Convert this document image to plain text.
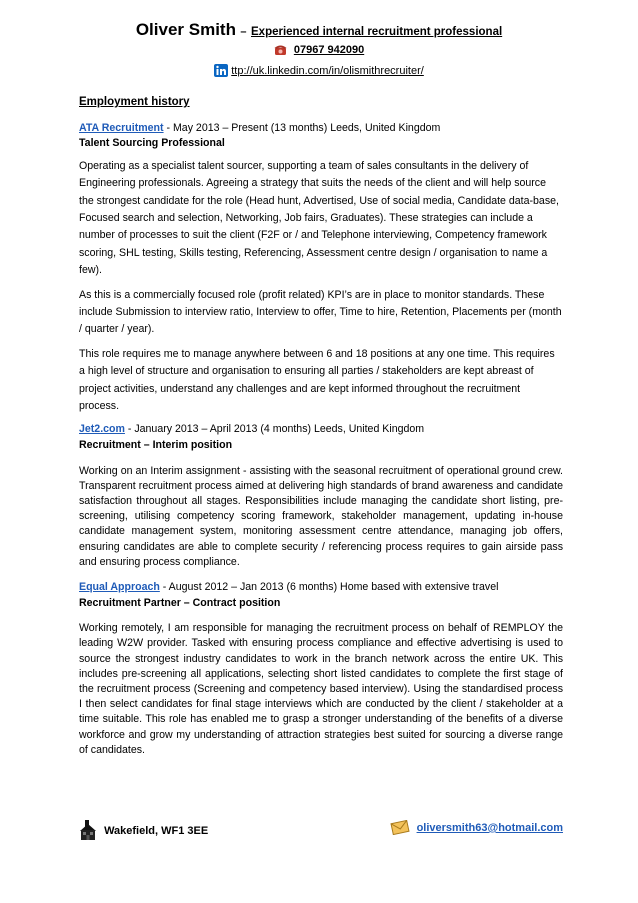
Oliver Smith – Experienced internal recruitment professional
07967 942090
ttp://uk.linkedin.com/in/olismithrecruiter/
Employment history

ATA Recruitment - May 2013 – Present (13 months) Leeds, United Kingdom

Talent Sourcing Professional

Operating as a specialist talent sourcer, supporting a team of sales consultants in the delivery of Engineering professionals. Agreeing a strategy that suits the needs of the client and will help source the strongest candidate for the role (Head hunt, Advertised, Use of social media, Candidate data-base, Focused search and selection, Networking, Job fairs, Graduates). These strategies can include a number of processes to suit the client (F2F or / and Telephone interviewing, Competency framework scoring, SHL testing, Skills testing, Referencing, Assessment centre design / organisation to name a few).

As this is a commercially focused role (profit related) KPI’s are in place to monitor standards. These include Submission to interview ratio, Interview to offer, Time to hire, Retention, Placements per (month / quarter / year).

This role requires me to manage anywhere between 6 and 18 positions at any one time. This requires a high level of structure and organisation to ensuring all parties / stakeholders are kept abreast of project activities, understand any challenges and are kept informed throughout the recruitment process.

Jet2.com - January 2013 – April 2013 (4 months) Leeds, United Kingdom

Recruitment – Interim position

Working on an Interim assignment - assisting with the seasonal recruitment of operational ground crew. Transparent recruitment process aimed at delivering high standards of brand awareness and candidate satisfaction throughout all stages. Responsibilities include managing the candidate short listing, pre-screening, utilising competency scoring framework, stakeholder management, updating in-house candidate management system, monitoring assessment centre attendance, managing job offers, ensuring candidates are able to complete security / referencing process requires to gain airside pass and ensuring process compliance.

Equal Approach - August 2012 – Jan 2013 (6 months) Home based with extensive travel

Recruitment Partner – Contract position

Working remotely, I am responsible for managing the recruitment process on behalf of REMPLOY the leading W2W provider. Tasked with ensuring process compliance and effective advertising is used to source the strongest industry candidates to work in the branch network across the entire UK. This includes pre-screening all applications, selecting short listed candidates to complete the first stage of the recruitment process (Screening and competency based interview). Using the standardised process I then select candidates for final stage interviews which are conducted by the client / stakeholder at a time suitable. This role has enabled me to grasp a stronger understanding of the benefits of a diverse workforce and grow my understanding of attraction strategies best suited for sourcing a diverse range of candidates.

Wakefield, WF1 3EE	oliversmith63@hotmail.com
